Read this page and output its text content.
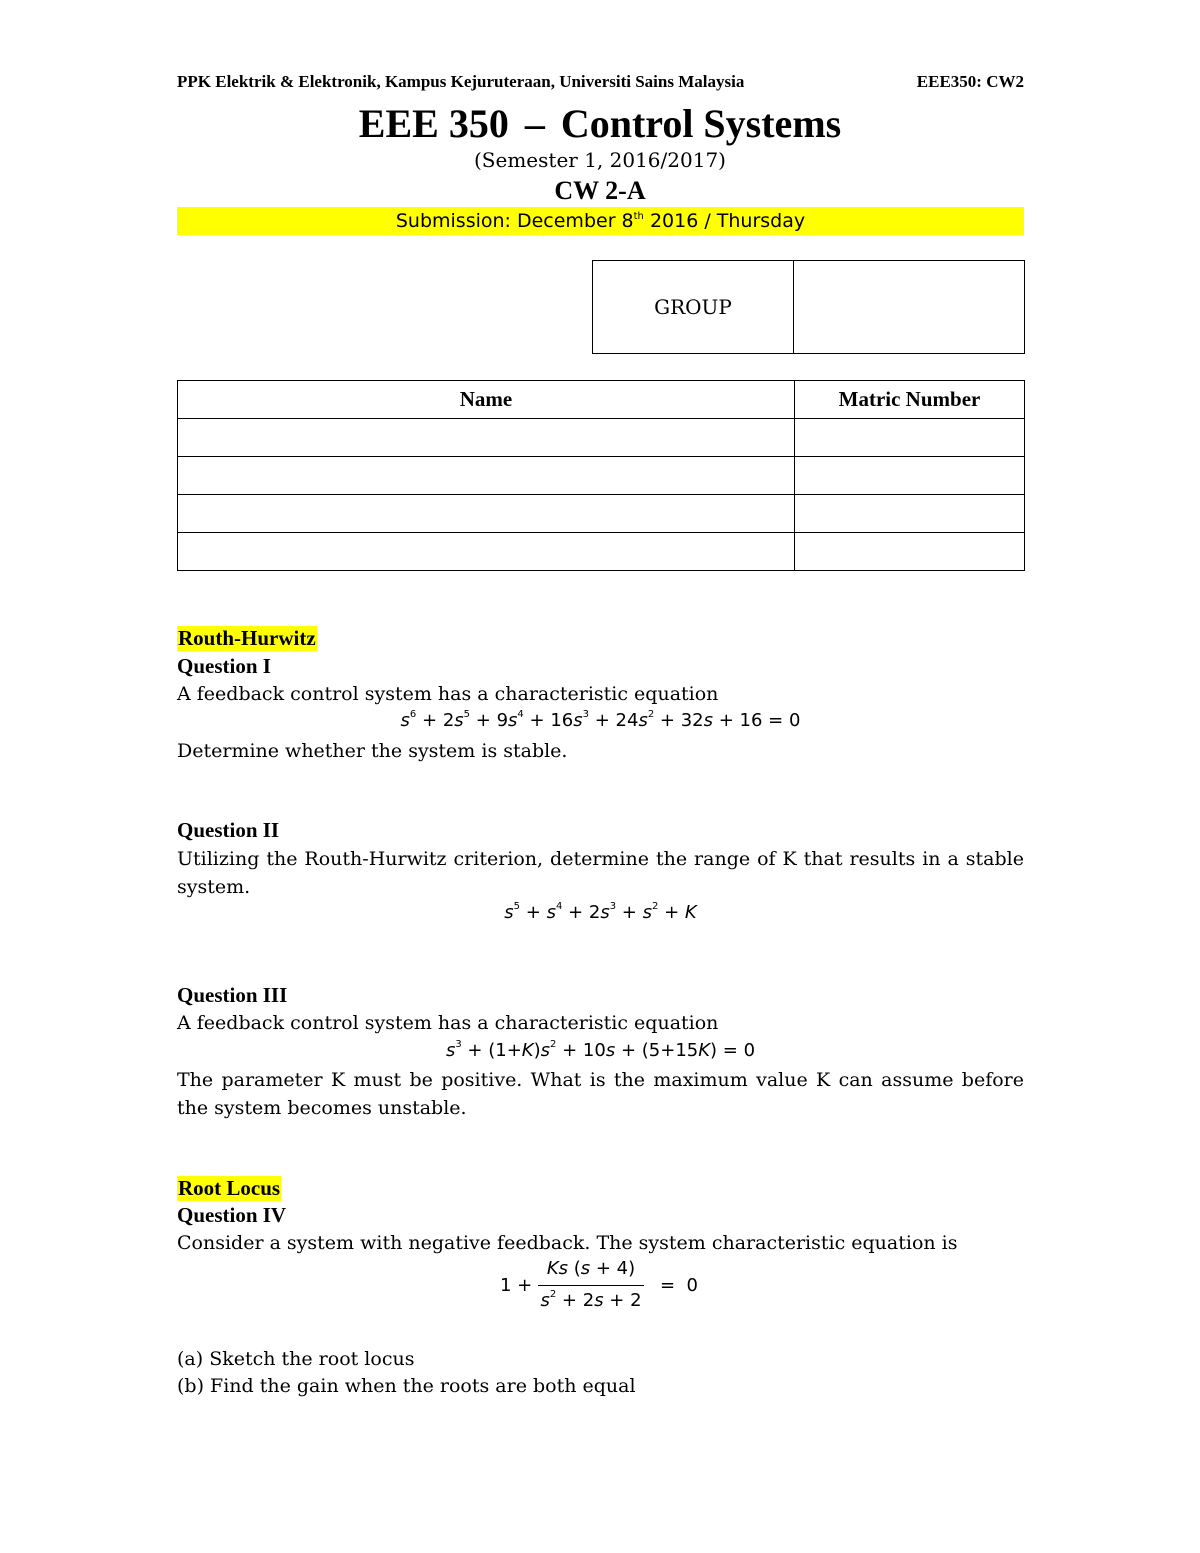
PPK Elektrik & Elektronik, Kampus Kejuruteraan, Universiti Sains Malaysia	EEE350: CW2
EEE 350 – Control Systems
(Semester 1, 2016/2017)
CW 2-A
Submission: December 8th 2016 / Thursday
GROUP	
Name	Matric Number

Routh-Hurwitz
Question I
A feedback control system has a characteristic equation
$s^6 + 2s^5 + 9s^4 + 16s^3 + 24s^2 + 32s + 16 = 0$
Determine whether the system is stable.
Question II
Utilizing the Routh-Hurwitz criterion, determine the range of K that results in a stable system.
$s^5 + s^4 + 2s^3 + s^2 + K$
Question III
A feedback control system has a characteristic equation
$s^3 + (1+K)s^2 + 10s + (5+15K) = 0$
The parameter K must be positive. What is the maximum value K can assume before the system becomes unstable.
Root Locus
Question IV
Consider a system with negative feedback. The system characteristic equation is
1 +
Ks (s + 4)
$s^2 + 2s + 2$
=  0
(a) Sketch the root locus
(b) Find the gain when the roots are both equal
